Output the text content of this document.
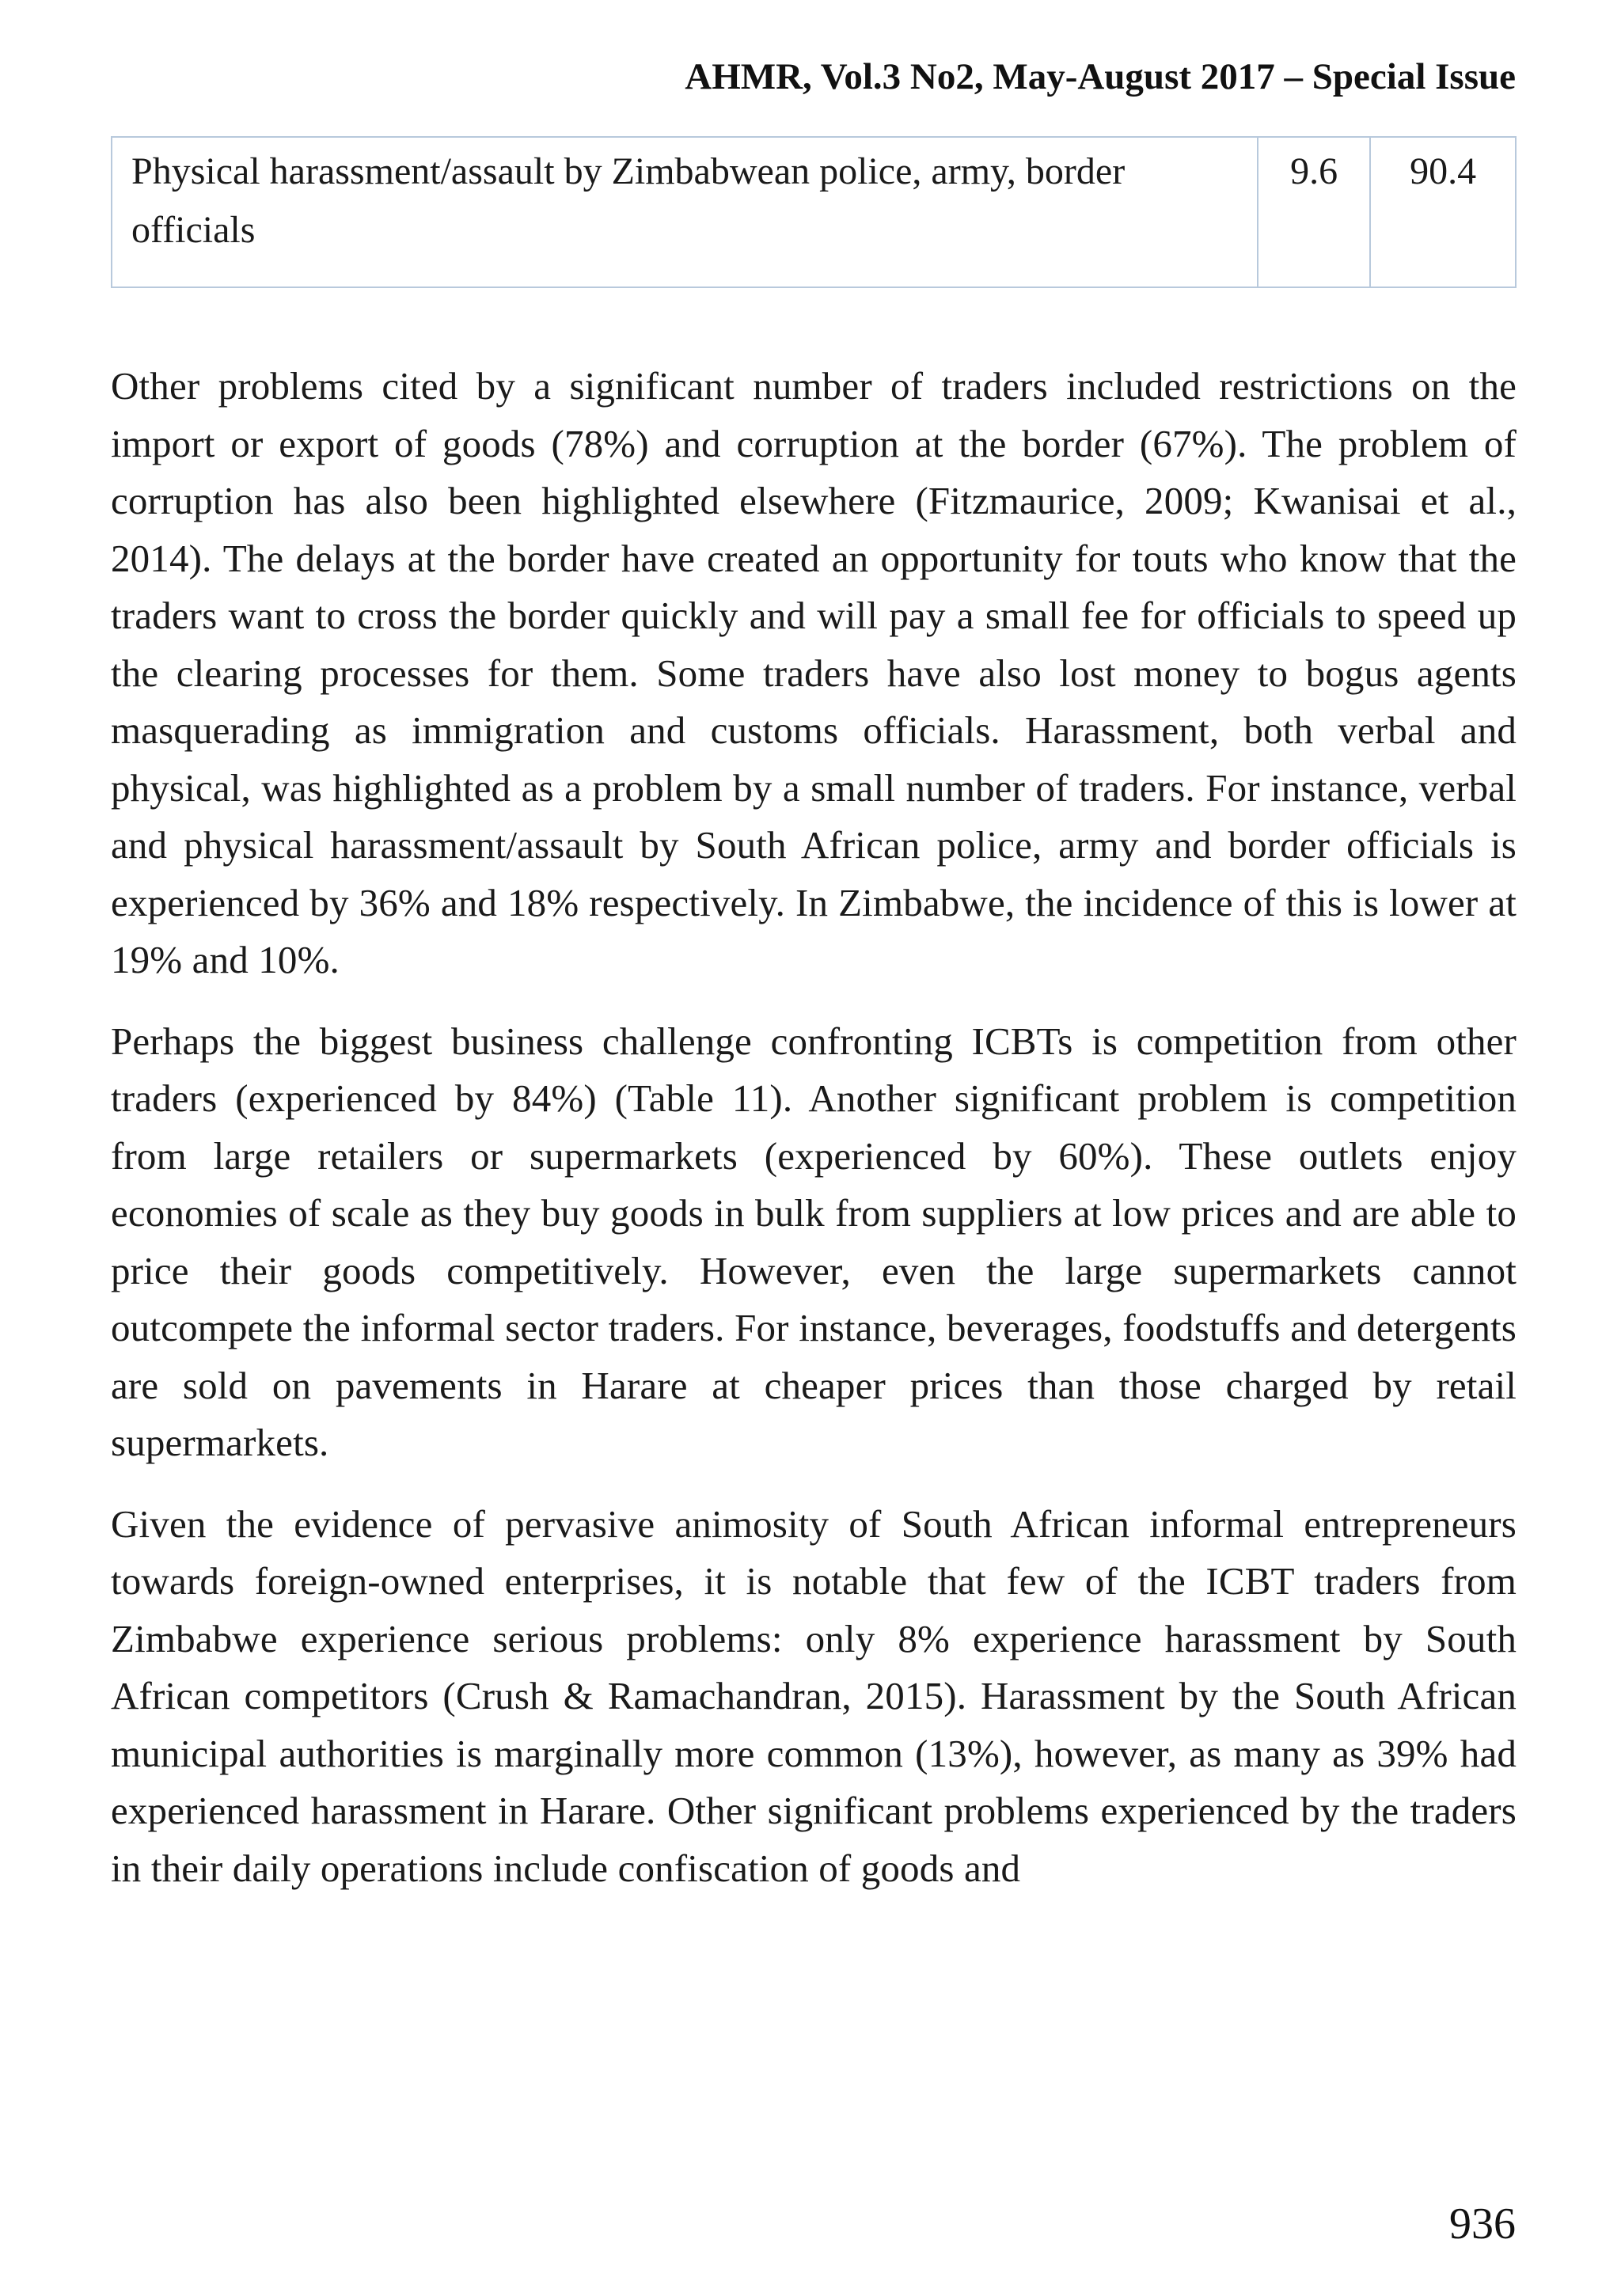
AHMR, Vol.3 No2, May-August 2017 – Special Issue
Physical harassment/assault by Zimbabwean police, army, border officials	9.6	90.4

Other problems cited by a significant number of traders included restrictions on the import or export of goods (78%) and corruption at the border (67%). The problem of corruption has also been highlighted elsewhere (Fitzmaurice, 2009; Kwanisai et al., 2014). The delays at the border have created an opportunity for touts who know that the traders want to cross the border quickly and will pay a small fee for officials to speed up the clearing processes for them. Some traders have also lost money to bogus agents masquerading as immigration and customs officials. Harassment, both verbal and physical, was highlighted as a problem by a small number of traders. For instance, verbal and physical harassment/assault by South African police, army and border officials is experienced by 36% and 18% respectively. In Zimbabwe, the incidence of this is lower at 19% and 10%.

Perhaps the biggest business challenge confronting ICBTs is competition from other traders (experienced by 84%) (Table 11). Another significant problem is competition from large retailers or supermarkets (experienced by 60%). These outlets enjoy economies of scale as they buy goods in bulk from suppliers at low prices and are able to price their goods competitively. However, even the large supermarkets cannot outcompete the informal sector traders. For instance, beverages, foodstuffs and detergents are sold on pavements in Harare at cheaper prices than those charged by retail supermarkets.

Given the evidence of pervasive animosity of South African informal entrepreneurs towards foreign-owned enterprises, it is notable that few of the ICBT traders from Zimbabwe experience serious problems: only 8% experience harassment by South African competitors (Crush & Ramachandran, 2015). Harassment by the South African municipal authorities is marginally more common (13%), however, as many as 39% had experienced harassment in Harare. Other significant problems experienced by the traders in their daily operations include confiscation of goods and

936
